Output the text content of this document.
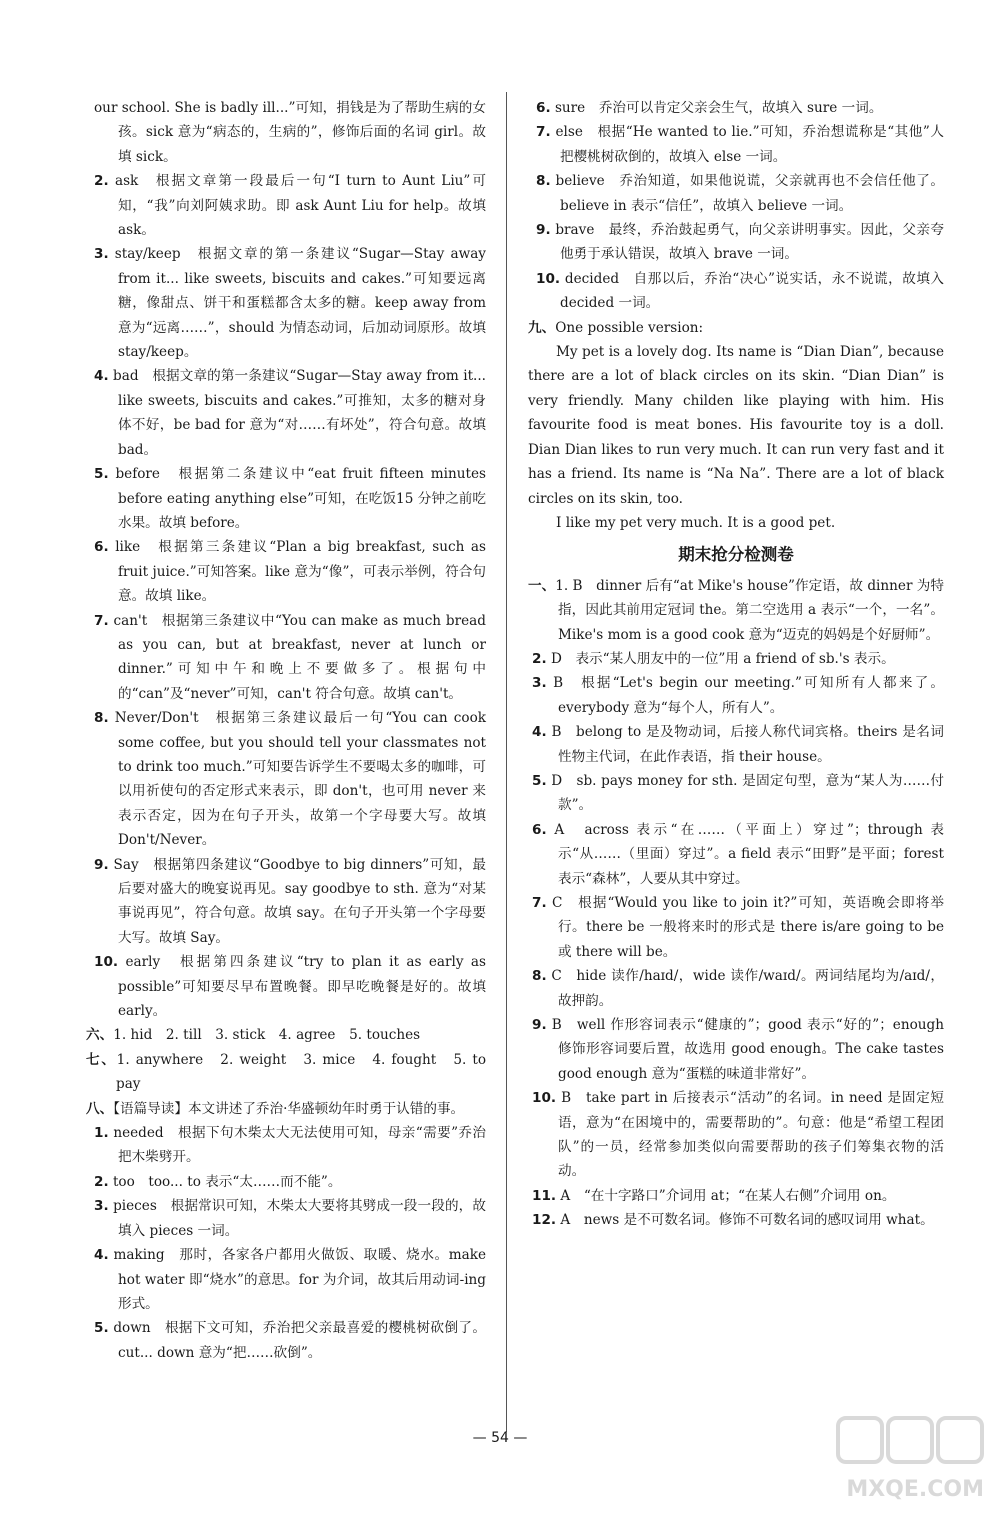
our school. She is badly ill...”可知，捐钱是为了帮助生病的女孩。sick 意为“病态的，生病的”，修饰后面的名词 girl。故填 sick。

2. ask　根据文章第一段最后一句“I turn to Aunt Liu”可知，“我”向刘阿姨求助。即 ask Aunt Liu for help。故填 ask。

3. stay/keep　根据文章的第一条建议“Sugar—Stay away from it... like sweets, biscuits and cakes.”可知要远离糖，像甜点、饼干和蛋糕都含太多的糖。keep away from 意为“远离……”，should 为情态动词，后加动词原形。故填 stay/keep。

4. bad　根据文章的第一条建议“Sugar—Stay away from it... like sweets, biscuits and cakes.”可推知，太多的糖对身体不好，be bad for 意为“对……有坏处”，符合句意。故填 bad。

5. before　根据第二条建议中“eat fruit fifteen minutes before eating anything else”可知，在吃饭15 分钟之前吃水果。故填 before。

6. like　根据第三条建议“Plan a big breakfast, such as fruit juice.”可知答案。like 意为“像”，可表示举例，符合句意。故填 like。

7. can't　根据第三条建议中“You can make as much bread as you can, but at breakfast, never at lunch or dinner.”可知中午和晚上不要做多了。根据句中的“can”及“never”可知，can't 符合句意。故填 can't。

8. Never/Don't　根据第三条建议最后一句“You can cook some coffee, but you should tell your classmates not to drink too much.”可知要告诉学生不要喝太多的咖啡，可以用祈使句的否定形式来表示，即 don't，也可用 never 来表示否定，因为在句子开头，故第一个字母要大写。故填 Don't/Never。

9. Say　根据第四条建议“Goodbye to big dinners”可知，最后要对盛大的晚宴说再见。say goodbye to sth. 意为“对某事说再见”，符合句意。故填 say。在句子开头第一个字母要大写。故填 Say。

10. early　根据第四条建议“try to plan it as early as possible”可知要尽早布置晚餐。即早吃晚餐是好的。故填 early。

六、1. hid　2. till　3. stick　4. agree　5. touches

七、1. anywhere　2. weight　3. mice　4. fought　5. to pay

八、【语篇导读】本文讲述了乔治·华盛顿幼年时勇于认错的事。

1. needed　根据下句木柴太大无法使用可知，母亲“需要”乔治把木柴劈开。

2. too　too... to 表示“太……而不能”。

3. pieces　根据常识可知，木柴太大要将其劈成一段一段的，故填入 pieces 一词。

4. making　那时，各家各户都用火做饭、取暖、烧水。make hot water 即“烧水”的意思。for 为介词，故其后用动词-ing 形式。

5. down　根据下文可知，乔治把父亲最喜爱的樱桃树砍倒了。cut... down 意为“把……砍倒”。

6. sure　乔治可以肯定父亲会生气，故填入 sure 一词。

7. else　根据“He wanted to lie.”可知，乔治想谎称是“其他”人把樱桃树砍倒的，故填入 else 一词。

8. believe　乔治知道，如果他说谎，父亲就再也不会信任他了。believe in 表示“信任”，故填入 believe 一词。

9. brave　最终，乔治鼓起勇气，向父亲讲明事实。因此，父亲夸他勇于承认错误，故填入 brave 一词。

10. decided　自那以后，乔治“决心”说实话，永不说谎，故填入 decided 一词。

九、One possible version:

My pet is a lovely dog. Its name is “Dian Dian”, because there are a lot of black circles on its skin. “Dian Dian” is very friendly. Many childen like playing with him. His favourite food is meat bones. His favourite toy is a doll. Dian Dian likes to run very much. It can run very fast and it has a friend. Its name is “Na Na”. There are a lot of black circles on its skin, too.

I like my pet very much. It is a good pet.

期末抢分检测卷

一、1. B　dinner 后有“at Mike's house”作定语，故 dinner 为特指，因此其前用定冠词 the。第二空选用 a 表示“一个，一名”。Mike's mom is a good cook 意为“迈克的妈妈是个好厨师”。

2. D　表示“某人朋友中的一位”用 a friend of sb.'s 表示。

3. B　根据“Let's begin our meeting.”可知所有人都来了。everybody 意为“每个人，所有人”。

4. B　belong to 是及物动词，后接人称代词宾格。theirs 是名词性物主代词，在此作表语，指 their house。

5. D　sb. pays money for sth. 是固定句型，意为“某人为……付款”。

6. A　across 表示“在……（平面上）穿过”；through 表示“从……（里面）穿过”。a field 表示“田野”是平面；forest 表示“森林”，人要从其中穿过。

7. C　根据“Would you like to join it?”可知，英语晚会即将举行。there be 一般将来时的形式是 there is/are going to be 或 there will be。

8. C　hide 读作/haɪd/，wide 读作/waɪd/。两词结尾均为/aɪd/，故押韵。

9. B　well 作形容词表示“健康的”；good 表示“好的”；enough 修饰形容词要后置，故选用 good enough。The cake tastes good enough 意为“蛋糕的味道非常好”。

10. B　take part in 后接表示“活动”的名词。in need 是固定短语，意为“在困境中的，需要帮助的”。句意：他是“希望工程团队”的一员，经常参加类似向需要帮助的孩子们筹集衣物的活动。

11. A　“在十字路口”介词用 at；“在某人右侧”介词用 on。

12. A　news 是不可数名词。修饰不可数名词的感叹词用 what。

— 54 —
MXQE.COM
